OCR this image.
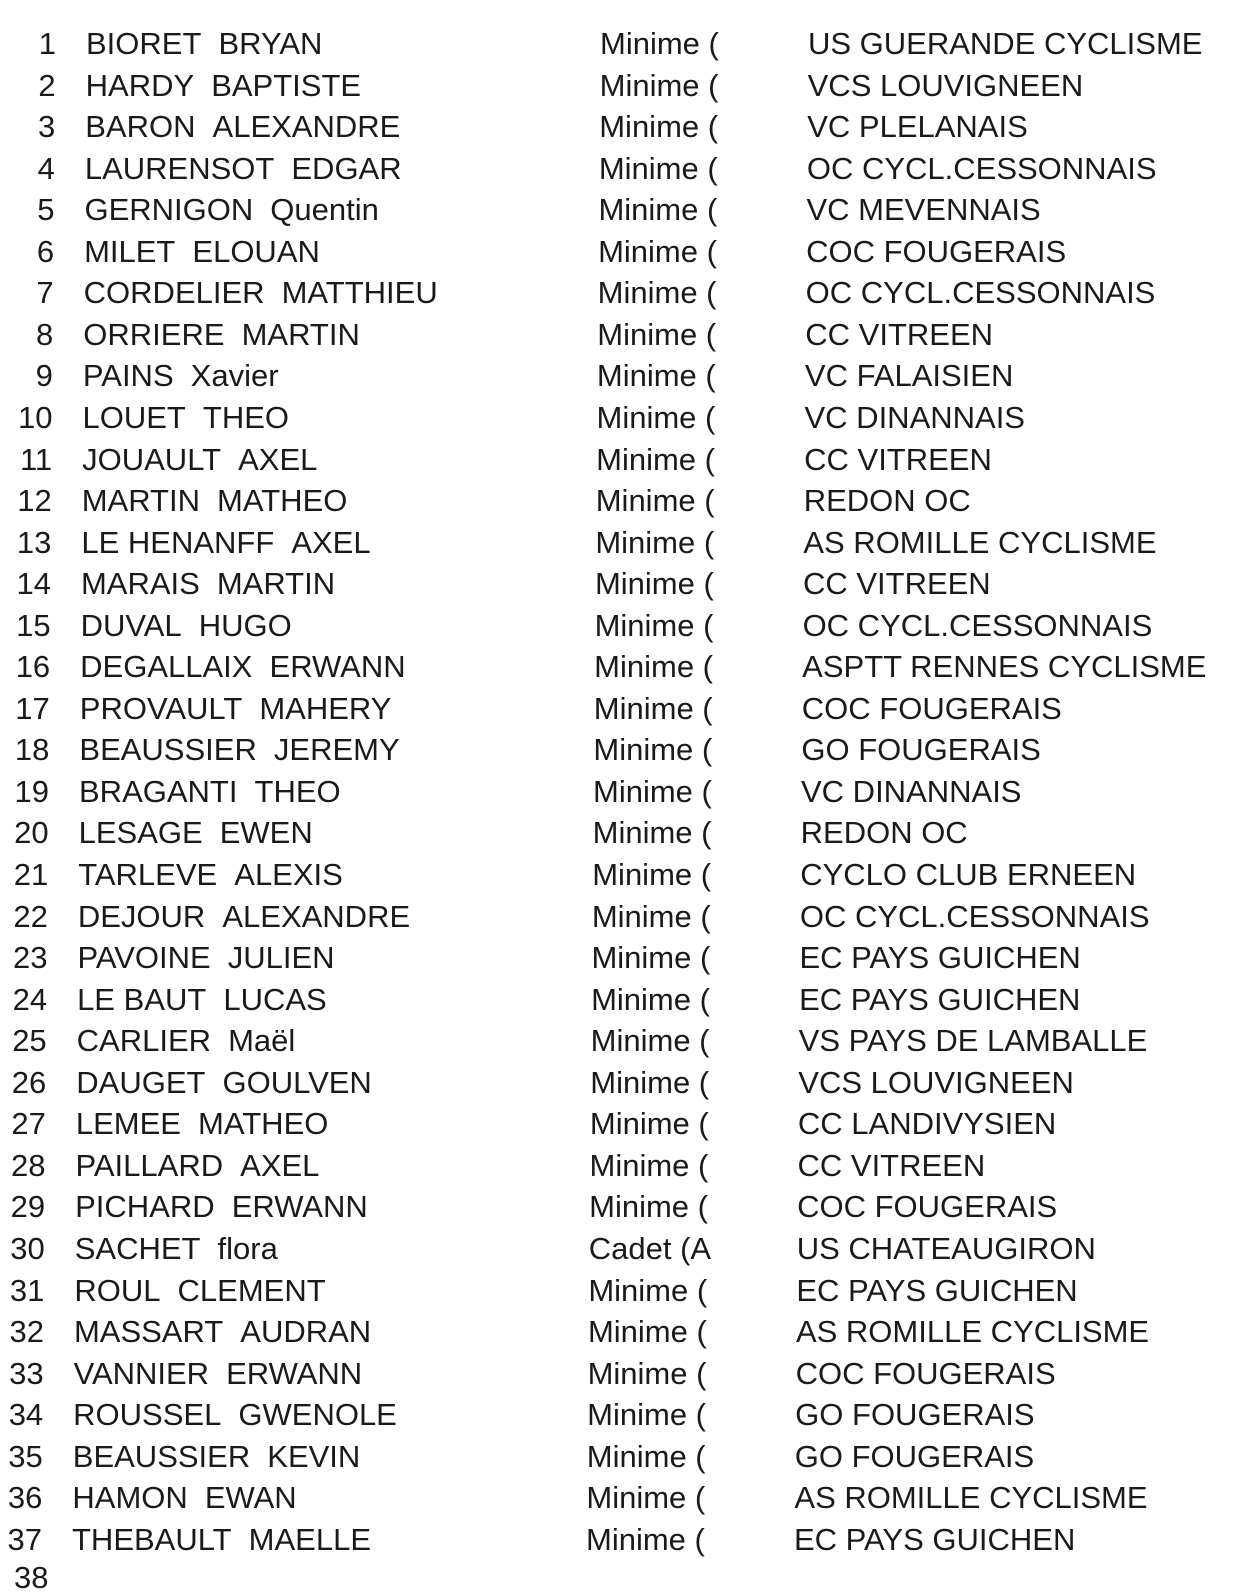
1 BIORET BRYAN	Minime (	US GUERANDE CYCLISME
2 HARDY BAPTISTE	Minime (	VCS LOUVIGNEEN
3 BARON ALEXANDRE	Minime (	VC PLELANAIS
4 LAURENSOT EDGAR	Minime (	OC CYCL.CESSONNAIS
5 GERNIGON Quentin	Minime (	VC MEVENNAIS
6 MILET ELOUAN	Minime (	COC FOUGERAIS
7 CORDELIER MATTHIEU	Minime (	OC CYCL.CESSONNAIS
8 ORRIERE MARTIN	Minime (	CC VITREEN
9 PAINS Xavier	Minime (	VC FALAISIEN
10 LOUET THEO	Minime (	VC DINANNAIS
11 JOUAULT AXEL	Minime (	CC VITREEN
12 MARTIN MATHEO	Minime (	REDON OC
13 LE HENANFF AXEL	Minime (	AS ROMILLE CYCLISME
14 MARAIS MARTIN	Minime (	CC VITREEN
15 DUVAL HUGO	Minime (	OC CYCL.CESSONNAIS
16 DEGALLAIX ERWANN	Minime (	ASPTT RENNES CYCLISME
17 PROVAULT MAHERY	Minime (	COC FOUGERAIS
18 BEAUSSIER JEREMY	Minime (	GO FOUGERAIS
19 BRAGANTI THEO	Minime (	VC DINANNAIS
20 LESAGE EWEN	Minime (	REDON OC
21 TARLEVE ALEXIS	Minime (	CYCLO CLUB ERNEEN
22 DEJOUR ALEXANDRE	Minime (	OC CYCL.CESSONNAIS
23 PAVOINE JULIEN	Minime (	EC PAYS GUICHEN
24 LE BAUT LUCAS	Minime (	EC PAYS GUICHEN
25 CARLIER Maël	Minime (	VS PAYS DE LAMBALLE
26 DAUGET GOULVEN	Minime (	VCS LOUVIGNEEN
27 LEMEE MATHEO	Minime (	CC LANDIVYSIEN
28 PAILLARD AXEL	Minime (	CC VITREEN
29 PICHARD ERWANN	Minime (	COC FOUGERAIS
30 SACHET flora	Cadet (A	US CHATEAUGIRON
31 ROUL CLEMENT	Minime (	EC PAYS GUICHEN
32 MASSART AUDRAN	Minime (	AS ROMILLE CYCLISME
33 VANNIER ERWANN	Minime (	COC FOUGERAIS
34 ROUSSEL GWENOLE	Minime (	GO FOUGERAIS
35 BEAUSSIER KEVIN	Minime (	GO FOUGERAIS
36 HAMON EWAN	Minime (	AS ROMILLE CYCLISME
37 THEBAULT MAELLE	Minime (	EC PAYS GUICHEN
38
